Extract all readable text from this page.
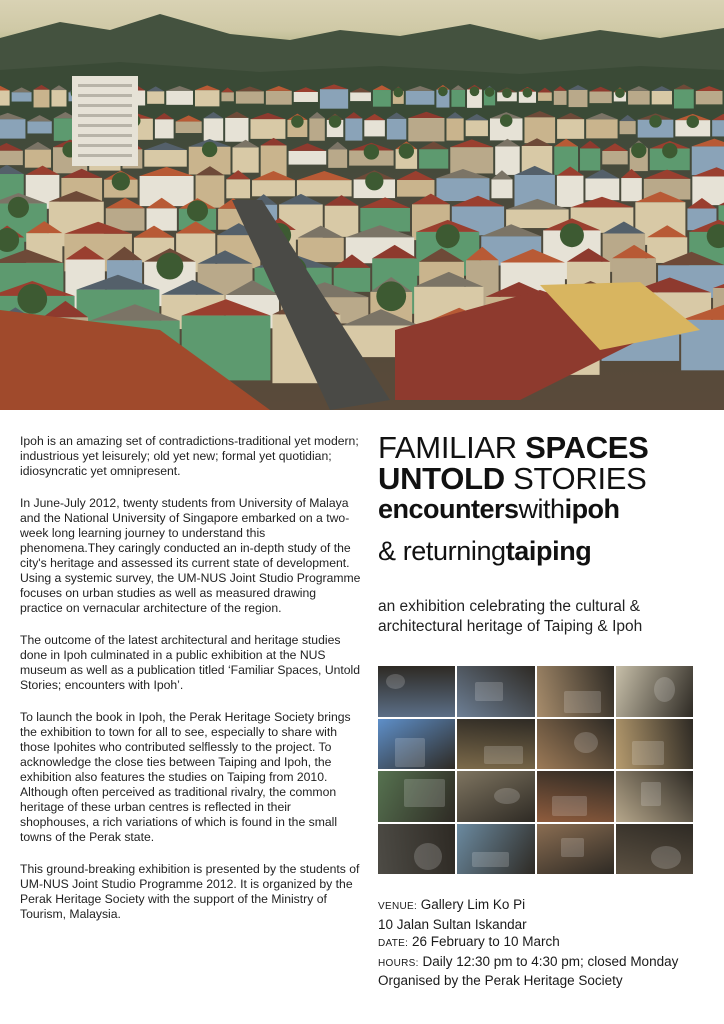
Ipoh is an amazing set of contradictions-traditional yet modern; industrious yet leisurely; old yet new; formal yet quotidian; idiosyncratic yet omnipresent.

In June-July 2012, twenty students from University of Malaya and the National University of Singapore embarked on a two-week long learning journey to understand this phenomena.They caringly conducted an in-depth study of the city's heritage and assessed its current state of development. Using a systemic survey, the UM-NUS Joint Studio Programme focuses on urban studies as well as measured drawing practice on vernacular architecture of the region.

The outcome of the latest architectural and heritage studies done in Ipoh culminated in a public exhibition at the NUS museum as well as a publication titled ‘Familiar Spaces, Untold Stories; encounters with Ipoh’.

To launch the book in Ipoh, the Perak Heritage Society brings the exhibition to town for all to see, especially to share with those Ipohites who contributed selflessly to the project. To acknowledge the close ties between Taiping and Ipoh, the exhibition also features the studies on Taiping from 2010. Although often perceived as traditional rivalry, the common heritage of these urban centres is reflected in their shophouses, a rich variations of which is found in the small towns of the Perak state.

This ground-breaking exhibition is presented by the students of UM-NUS Joint Studio Programme 2012. It is organized by the Perak Heritage Society with the support of the Ministry of Tourism, Malaysia.

FAMILIAR SPACES
UNTOLD STORIES
encounterswithipoh
& returningtaiping
an exhibition celebrating the cultural & architectural heritage of Taiping & Ipoh
VENUE: Gallery Lim Ko Pi
10 Jalan Sultan Iskandar
DATE: 26 February to 10 March
HOURS: Daily 12:30 pm to 4:30 pm; closed Monday
Organised by the Perak Heritage Society
